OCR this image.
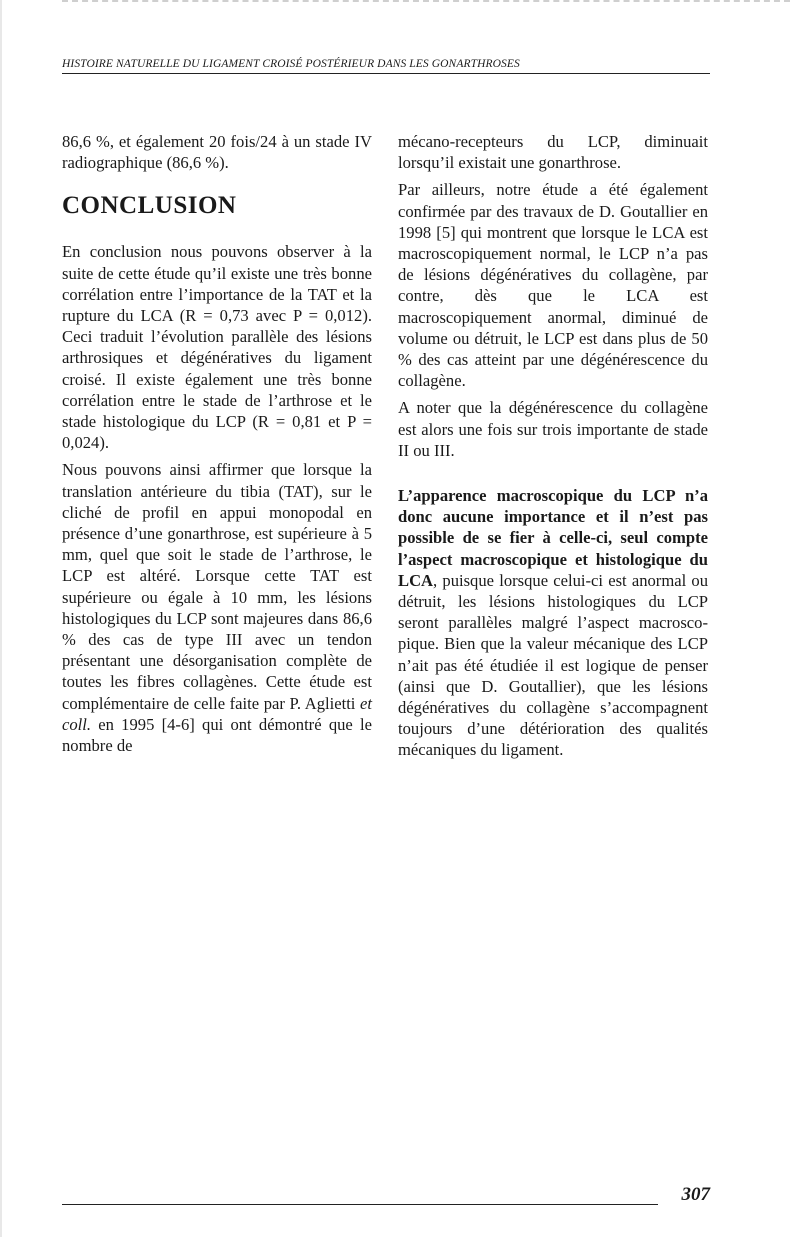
HISTOIRE NATURELLE DU LIGAMENT CROISÉ POSTÉRIEUR DANS LES GONARTHROSES

86,6 %, et également 20 fois/24 à un stade IV radiographique (86,6 %).

CONCLUSION

En conclusion nous pouvons observer à la suite de cette étude qu’il existe une très bonne corrélation entre l’importance de la TAT et la rupture du LCA (R = 0,73 avec P = 0,012). Ceci traduit l’évolution parallèle des lésions arthrosiques et dégénératives du ligament croisé. Il existe également une très bonne corrélation entre le stade de l’arthrose et le stade histologique du LCP (R = 0,81 et P = 0,024).

Nous pouvons ainsi affirmer que lorsque la translation antérieure du tibia (TAT), sur le cliché de profil en appui monopodal en présence d’une gonarthrose, est supérieure à 5 mm, quel que soit le stade de l’arthrose, le LCP est altéré. Lorsque cette TAT est supérieure ou égale à 10 mm, les lésions histologiques du LCP sont majeures dans 86,6 % des cas de type III avec un tendon présentant une désorganisation complète de toutes les fibres collagènes. Cette étude est complémentaire de celle faite par P. Aglietti et coll. en 1995 [4-6] qui ont démontré que le nombre de

mécano-recepteurs du LCP, diminuait lorsqu’il existait une gonarthrose.

Par ailleurs, notre étude a été également confirmée par des travaux de D. Goutallier en 1998 [5] qui montrent que lorsque le LCA est macroscopiquement normal, le LCP n’a pas de lésions dégénératives du collagène, par contre, dès que le LCA est macroscopiquement anormal, diminué de volume ou détruit, le LCP est dans plus de 50 % des cas atteint par une dégénérescence du collagène.

A noter que la dégénérescence du collagène est alors une fois sur trois importante de stade II ou III.

L’apparence macroscopique du LCP n’a donc aucune importance et il n’est pas possible de se fier à celle-ci, seul compte l’aspect macroscopique et histologique du LCA, puisque lorsque celui-ci est anormal ou détruit, les lésions histologiques du LCP seront parallèles malgré l’aspect macroscopique. Bien que la valeur mécanique des LCP n’ait pas été étudiée il est logique de penser (ainsi que D. Goutallier), que les lésions dégénératives du collagène s’accompagnent toujours d’une détérioration des qualités mécaniques du ligament.

307
